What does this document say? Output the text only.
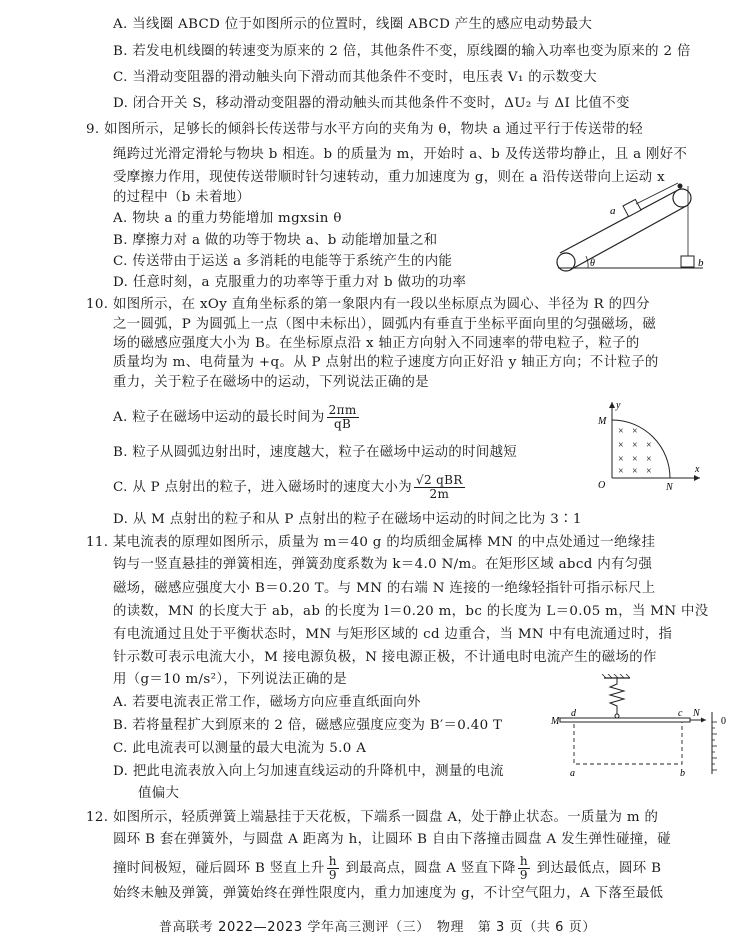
A. 当线圈 ABCD 位于如图所示的位置时，线圈 ABCD 产生的感应电动势最大
B. 若发电机线圈的转速变为原来的 2 倍，其他条件不变，原线圈的输入功率也变为原来的 2 倍
C. 当滑动变阻器的滑动触头向下滑动而其他条件不变时，电压表 V₁ 的示数变大
D. 闭合开关 S，移动滑动变阻器的滑动触头而其他条件不变时，ΔU₂ 与 ΔI 比值不变
9. 如图所示，足够长的倾斜长传送带与水平方向的夹角为 θ，物块 a 通过平行于传送带的轻
绳跨过光滑定滑轮与物块 b 相连。b 的质量为 m，开始时 a、b 及传送带均静止，且 a 刚好不
受摩擦力作用，现使传送带顺时针匀速转动，重力加速度为 g，则在 a 沿传送带向上运动 x
的过程中（b 未着地）
A. 物块 a 的重力势能增加 mgxsin θ
B. 摩擦力对 a 做的功等于物块 a、b 动能增加量之和
C. 传送带由于运送 a 多消耗的电能等于系统产生的内能
D. 任意时刻，a 克服重力的功率等于重力对 b 做功的功率
a
b
θ
10. 如图所示，在 xOy 直角坐标系的第一象限内有一段以坐标原点为圆心、半径为 R 的四分
之一圆弧，P 为圆弧上一点（图中未标出），圆弧内有垂直于坐标平面向里的匀强磁场，磁
场的磁感应强度大小为 B。在坐标原点沿 x 轴正方向射入不同速率的带电粒子，粒子的
质量均为 m、电荷量为 +q。从 P 点射出的粒子速度方向正好沿 y 轴正方向；不计粒子的
重力，关于粒子在磁场中的运动，下列说法正确的是
A. 粒子在磁场中运动的最长时间为 $\frac{2\pi m}{qB}$
B. 粒子从圆弧边射出时，速度越大，粒子在磁场中运动的时间越短
C. 从 P 点射出的粒子，进入磁场时的速度大小为 $\frac{\text{√2 qBR}}{2m}$
D. 从 M 点射出的粒子和从 P 点射出的粒子在磁场中运动的时间之比为 3∶1
y
x
M
O	N
× ×
× × ×
× × ×
× × ×
11. 某电流表的原理如图所示，质量为 m＝40 g 的均质细金属棒 MN 的中点处通过一绝缘挂
钩与一竖直悬挂的弹簧相连，弹簧劲度系数为 k＝4.0 N/m。在矩形区域 abcd 内有匀强
磁场，磁感应强度大小 B＝0.20 T。与 MN 的右端 N 连接的一绝缘轻指针可指示标尺上
的读数，MN 的长度大于 ab，ab 的长度为 l＝0.20 m，bc 的长度为 L＝0.05 m，当 MN 中没
有电流通过且处于平衡状态时，MN 与矩形区域的 cd 边重合，当 MN 中有电流通过时，指
针示数可表示电流大小，M 接电源负极，N 接电源正极，不计通电时电流产生的磁场的作
用（g＝10 m/s²），下列说法正确的是
A. 若要电流表正常工作，磁场方向应垂直纸面向外
B. 若将量程扩大到原来的 2 倍，磁感应强度应变为 B′＝0.40 T
C. 此电流表可以测量的最大电流为 5.0 A
D. 把此电流表放入向上匀加速直线运动的升降机中，测量的电流
值偏大
M
N
d	c
a	b
0
12. 如图所示，轻质弹簧上端悬挂于天花板，下端系一圆盘 A，处于静止状态。一质量为 m 的
圆环 B 套在弹簧外，与圆盘 A 距离为 h，让圆环 B 自由下落撞击圆盘 A 发生弹性碰撞，碰
撞时间极短，碰后圆环 B 竖直上升 $\frac{h}{9}$ 到最高点，圆盘 A 竖直下降 $\frac{h}{9}$ 到达最低点，圆环 B
始终未触及弹簧，弹簧始终在弹性限度内，重力加速度为 g，不计空气阻力，A 下落至最低
普高联考 2022—2023 学年高三测评（三）　物理　第 3 页（共 6 页）
